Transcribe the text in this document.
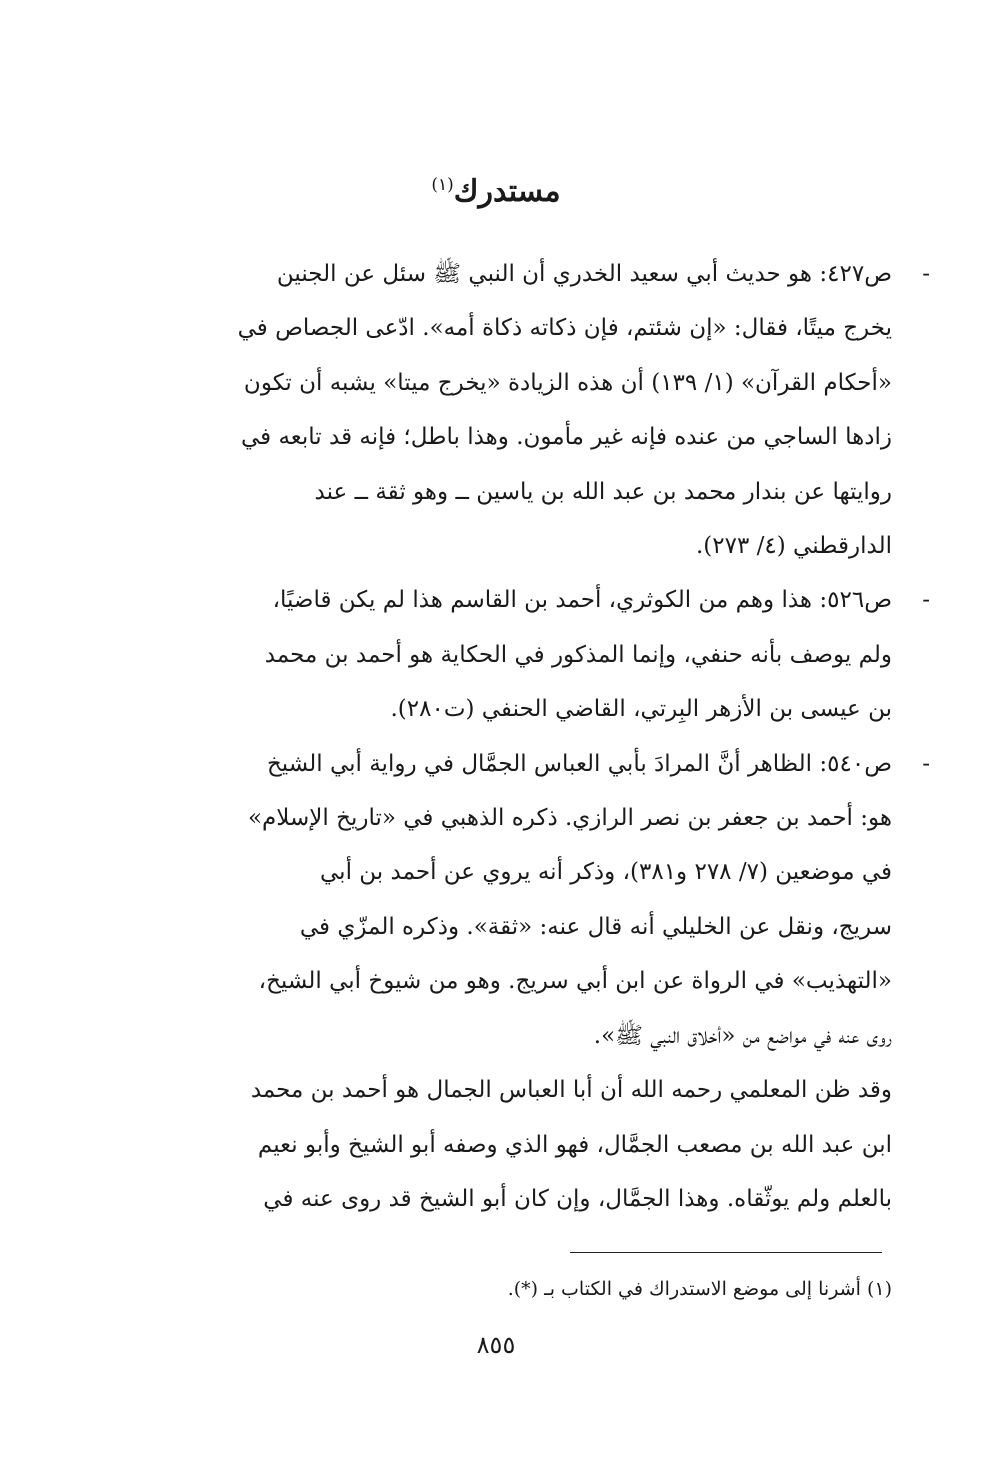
مستدرك$^{(١)}$
-
ص٤٢٧: هو حديث أبي سعيد الخدري أن النبي ﷺ سئل عن الجنين
يخرج ميتًا، فقال: «إن شئتم، فإن ذكاته ذكاة أمه». ادّعى الجصاص في
«أحكام القرآن» (١/ ١٣٩) أن هذه الزيادة «يخرج ميتا» يشبه أن تكون
زادها الساجي من عنده فإنه غير مأمون. وهذا باطل؛ فإنه قد تابعه في
روايتها عن بندار محمد بن عبد الله بن ياسين ــ وهو ثقة ــ عند
الدارقطني (٤/ ٢٧٣).
-
ص٥٢٦: هذا وهم من الكوثري، أحمد بن القاسم هذا لم يكن قاضيًا،
ولم يوصف بأنه حنفي، وإنما المذكور في الحكاية هو أحمد بن محمد
بن عيسى بن الأزهر البِرتي، القاضي الحنفي (ت٢٨٠).
-
ص٥٤٠: الظاهر أنَّ المرادَ بأبي العباس الجمَّال في رواية أبي الشيخ
هو: أحمد بن جعفر بن نصر الرازي. ذكره الذهبي في «تاريخ الإسلام»
في موضعين (٧/ ٢٧٨ و٣٨١)، وذكر أنه يروي عن أحمد بن أبي
سريج، ونقل عن الخليلي أنه قال عنه: «ثقة». وذكره المزّي في
«التهذيب» في الرواة عن ابن أبي سريج. وهو من شيوخ أبي الشيخ،
روى عنه في مواضع من «أخلاق النبي ﷺ».
وقد ظن المعلمي رحمه الله أن أبا العباس الجمال هو أحمد بن محمد
ابن عبد الله بن مصعب الجمَّال، فهو الذي وصفه أبو الشيخ وأبو نعيم
بالعلم ولم يوثّقاه. وهذا الجمَّال، وإن كان أبو الشيخ قد روى عنه في
(١) أشرنا إلى موضع الاستدراك في الكتاب بـ (*).
٨٥٥
